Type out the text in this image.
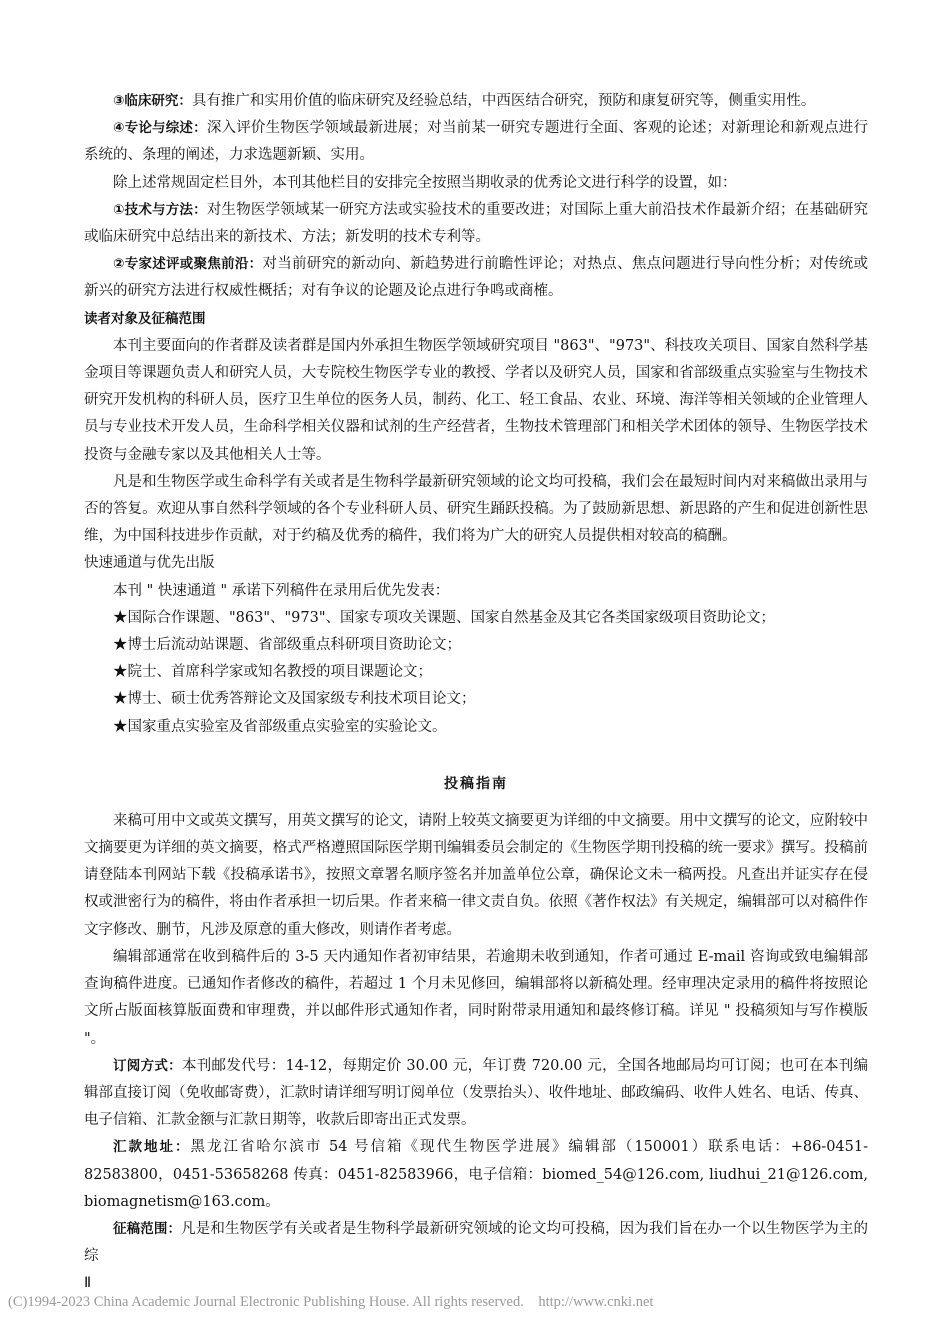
③临床研究：具有推广和实用价值的临床研究及经验总结，中西医结合研究，预防和康复研究等，侧重实用性。

④专论与综述：深入评价生物医学领域最新进展；对当前某一研究专题进行全面、客观的论述；对新理论和新观点进行系统的、条理的阐述，力求选题新颖、实用。

除上述常规固定栏目外，本刊其他栏目的安排完全按照当期收录的优秀论文进行科学的设置，如：

①技术与方法：对生物医学领域某一研究方法或实验技术的重要改进；对国际上重大前沿技术作最新介绍；在基础研究或临床研究中总结出来的新技术、方法；新发明的技术专利等。

②专家述评或聚焦前沿：对当前研究的新动向、新趋势进行前瞻性评论；对热点、焦点问题进行导向性分析；对传统或新兴的研究方法进行权威性概括；对有争议的论题及论点进行争鸣或商榷。

读者对象及征稿范围

本刊主要面向的作者群及读者群是国内外承担生物医学领域研究项目 "863"、"973"、科技攻关项目、国家自然科学基金项目等课题负责人和研究人员，大专院校生物医学专业的教授、学者以及研究人员，国家和省部级重点实验室与生物技术研究开发机构的科研人员，医疗卫生单位的医务人员，制药、化工、轻工食品、农业、环境、海洋等相关领域的企业管理人员与专业技术开发人员，生命科学相关仪器和试剂的生产经营者，生物技术管理部门和相关学术团体的领导、生物医学技术投资与金融专家以及其他相关人士等。

凡是和生物医学或生命科学有关或者是生物科学最新研究领域的论文均可投稿，我们会在最短时间内对来稿做出录用与否的答复。欢迎从事自然科学领域的各个专业科研人员、研究生踊跃投稿。为了鼓励新思想、新思路的产生和促进创新性思维，为中国科技进步作贡献，对于约稿及优秀的稿件，我们将为广大的研究人员提供相对较高的稿酬。

快速通道与优先出版

本刊 " 快速通道 " 承诺下列稿件在录用后优先发表：

★国际合作课题、"863"、"973"、国家专项攻关课题、国家自然基金及其它各类国家级项目资助论文；

★博士后流动站课题、省部级重点科研项目资助论文；

★院士、首席科学家或知名教授的项目课题论文；

★博士、硕士优秀答辩论文及国家级专利技术项目论文；

★国家重点实验室及省部级重点实验室的实验论文。

投稿指南

来稿可用中文或英文撰写，用英文撰写的论文，请附上较英文摘要更为详细的中文摘要。用中文撰写的论文，应附较中文摘要更为详细的英文摘要，格式严格遵照国际医学期刊编辑委员会制定的《生物医学期刊投稿的统一要求》撰写。投稿前请登陆本刊网站下载《投稿承诺书》，按照文章署名顺序签名并加盖单位公章，确保论文未一稿两投。凡查出并证实存在侵权或泄密行为的稿件，将由作者承担一切后果。作者来稿一律文责自负。依照《著作权法》有关规定，编辑部可以对稿件作文字修改、删节，凡涉及原意的重大修改，则请作者考虑。

编辑部通常在收到稿件后的 3-5 天内通知作者初审结果，若逾期未收到通知，作者可通过 E-mail 咨询或致电编辑部查询稿件进度。已通知作者修改的稿件，若超过 1 个月未见修回，编辑部将以新稿处理。经审理决定录用的稿件将按照论文所占版面核算版面费和审理费，并以邮件形式通知作者，同时附带录用通知和最终修订稿。详见 " 投稿须知与写作模版 "。

订阅方式：本刊邮发代号：14-12，每期定价 30.00 元，年订费 720.00 元，全国各地邮局均可订阅；也可在本刊编辑部直接订阅（免收邮寄费），汇款时请详细写明订阅单位（发票抬头）、收件地址、邮政编码、收件人姓名、电话、传真、电子信箱、汇款金额与汇款日期等，收款后即寄出正式发票。

汇款地址：黑龙江省哈尔滨市 54 号信箱《现代生物医学进展》编辑部（150001）联系电话：+86-0451-82583800，0451-53658268 传真：0451-82583966，电子信箱：biomed_54@126.com, liudhui_21@126.com, biomagnetism@163.com。

征稿范围：凡是和生物医学有关或者是生物科学最新研究领域的论文均可投稿，因为我们旨在办一个以生物医学为主的综

Ⅱ

(C)1994-2023 China Academic Journal Electronic Publishing House. All rights reserved. http://www.cnki.net
